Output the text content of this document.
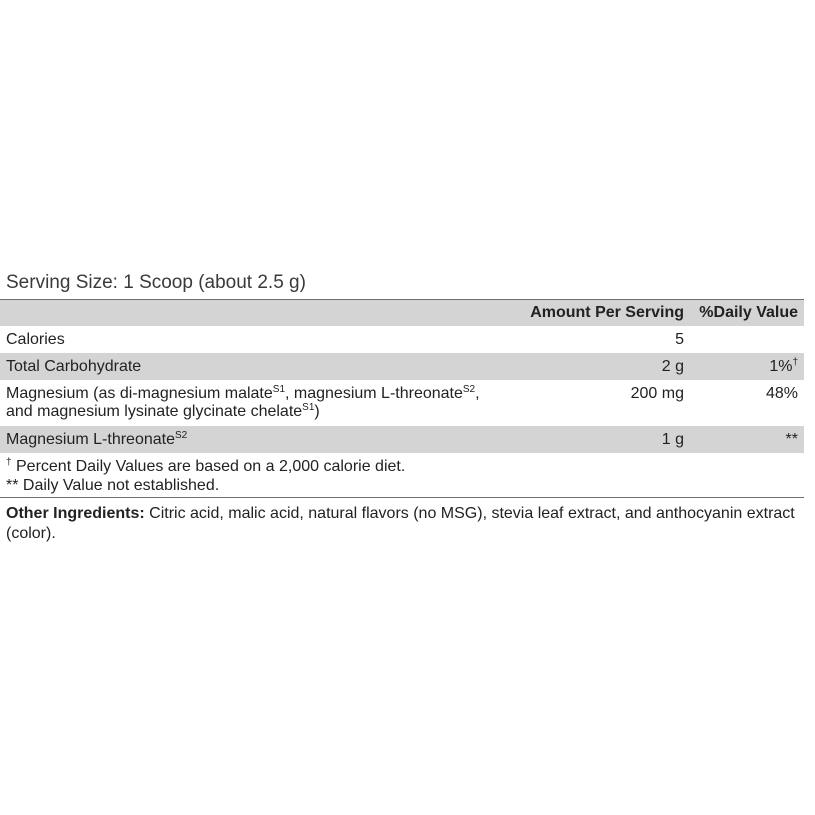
Serving Size: 1 Scoop (about 2.5 g)
	Amount Per Serving	%Daily Value
Calories	5	
Total Carbohydrate	2 g	1%†
Magnesium (as di-magnesium malate$^{S1}$, magnesium L-threonate$^{S2}$,
and magnesium lysinate glycinate chelate$^{S1}$)	200 mg	48%
Magnesium L-threonate$^{S2}$	1 g	**
† Percent Daily Values are based on a 2,000 calorie diet.
** Daily Value not established.
Other Ingredients: Citric acid, malic acid, natural flavors (no MSG), stevia leaf extract, and anthocyanin extract (color).
